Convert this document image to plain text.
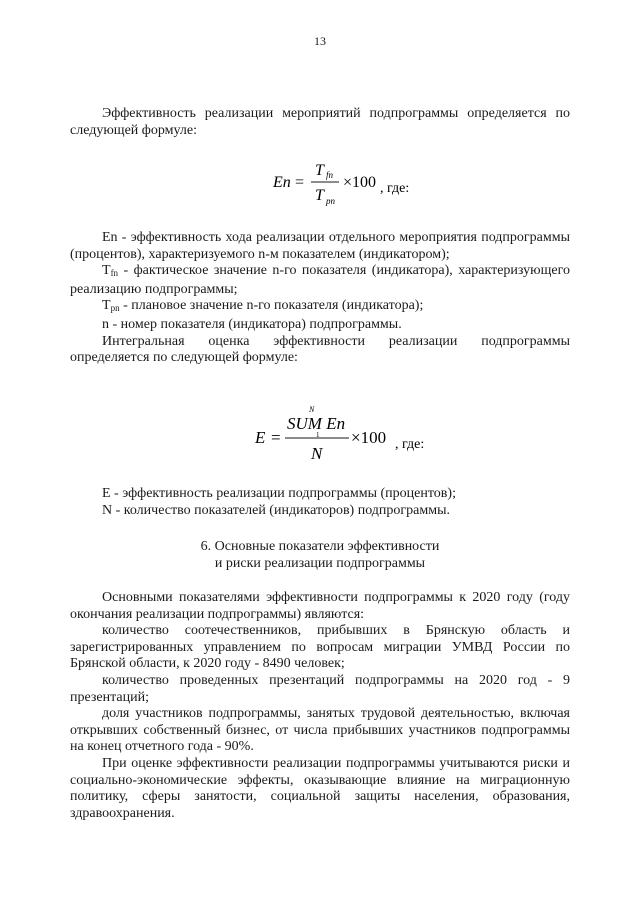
13

Эффективность реализации мероприятий подпрограммы определяется по следующей формуле:

En =
T fn
T pn
×100 , где:

En - эффективность хода реализации отдельного мероприятия подпрограммы (процентов), характеризуемого n-м показателем (индикатором);

$T_{fn}$ - фактическое значение n-го показателя (индикатора), характеризующего реализацию подпрограммы;

$T_{pn}$ - плановое значение n-го показателя (индикатора);

n - номер показателя (индикатора) подпрограммы.

Интегральная оценка эффективности реализации подпрограммы определяется по следующей формуле:

E =
N
SUM En
1
N
×100 , где:

E - эффективность реализации подпрограммы (процентов);

N - количество показателей (индикаторов) подпрограммы.

6. Основные показатели эффективности
и риски реализации подпрограммы

Основными показателями эффективности подпрограммы к 2020 году (году окончания реализации подпрограммы) являются:

количество соотечественников, прибывших в Брянскую область и зарегистрированных управлением по вопросам миграции УМВД России по Брянской области, к 2020 году - 8490 человек;

количество проведенных презентаций подпрограммы на 2020 год - 9 презентаций;

доля участников подпрограммы, занятых трудовой деятельностью, включая открывших собственный бизнес, от числа прибывших участников подпрограммы на конец отчетного года - 90%.

При оценке эффективности реализации подпрограммы учитываются риски и социально-экономические эффекты, оказывающие влияние на миграционную политику, сферы занятости, социальной защиты населения, образования, здравоохранения.
